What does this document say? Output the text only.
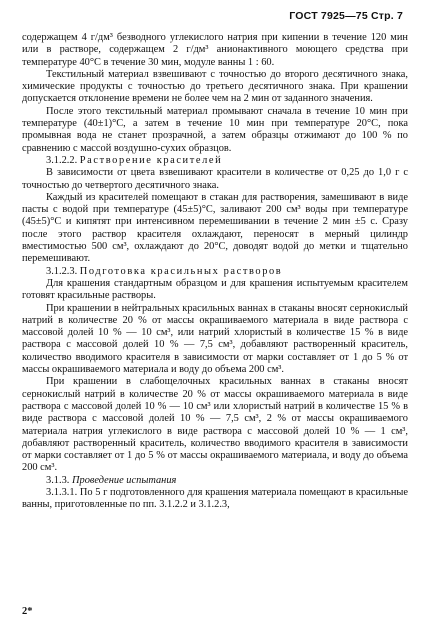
ГОСТ 7925—75 Стр. 7

содержащем 4 г/дм³ безводного углекислого натрия при кипении в течение 120 мин или в растворе, содержащем 2 г/дм³ анионактивного моющего средства при температуре 40°С в течение 30 мин, модуле ванны 1 : 60.

Текстильный материал взвешивают с точностью до второго десятичного знака, химические продукты с точностью до третьего десятичного знака. При крашении допускается отклонение времени не более чем на 2 мин от заданного значения.

После этого текстильный материал промывают сначала в течение 10 мин при температуре (40±1)°С, а затем в течение 10 мин при температуре 20°С, пока промывная вода не станет прозрачной, а затем образцы отжимают до 100 % по сравнению с массой воздушно-сухих образцов.

3.1.2.2. Растворение красителей

В зависимости от цвета взвешивают красители в количестве от 0,25 до 1,0 г с точностью до четвертого десятичного знака.

Каждый из красителей помещают в стакан для растворения, замешивают в виде пасты с водой при температуре (45±5)°С, заливают 200 см³ воды при температуре (45±5)°С и кипятят при интенсивном перемешивании в течение 2 мин ±5 с. Сразу после этого раствор красителя охлаждают, переносят в мерный цилиндр вместимостью 500 см³, охлаждают до 20°С, доводят водой до метки и тщательно перемешивают.

3.1.2.3. Подготовка красильных растворов

Для крашения стандартным образцом и для крашения испытуемым красителем готовят красильные растворы.

При крашении в нейтральных красильных ваннах в стаканы вносят сернокислый натрий в количестве 20 % от массы окрашиваемого материала в виде раствора с массовой долей 10 % — 10 см³, или натрий хлористый в количестве 15 % в виде раствора с массовой долей 10 % — 7,5 см³, добавляют растворенный краситель, количество вводимого красителя в зависимости от марки составляет от 1 до 5 % от массы окрашиваемого материала и воду до объема 200 см³.

При крашении в слабощелочных красильных ваннах в стаканы вносят сернокислый натрий в количестве 20 % от массы окрашиваемого материала в виде раствора с массовой долей 10 % — 10 см³ или хлористый натрий в количестве 15 % в виде раствора с массовой долей 10 % — 7,5 см³, 2 % от массы окрашиваемого материала натрия углекислого в виде раствора с массовой долей 10 % — 1 см³, добавляют растворенный краситель, количество вводимого красителя в зависимости от марки составляет от 1 до 5 % от массы окрашиваемого материала, и воду до объема 200 см³.

3.1.3. Проведение испытания

3.1.3.1. По 5 г подготовленного для крашения материала помещают в красильные ванны, приготовленные по пп. 3.1.2.2 и 3.1.2.3,

2*
